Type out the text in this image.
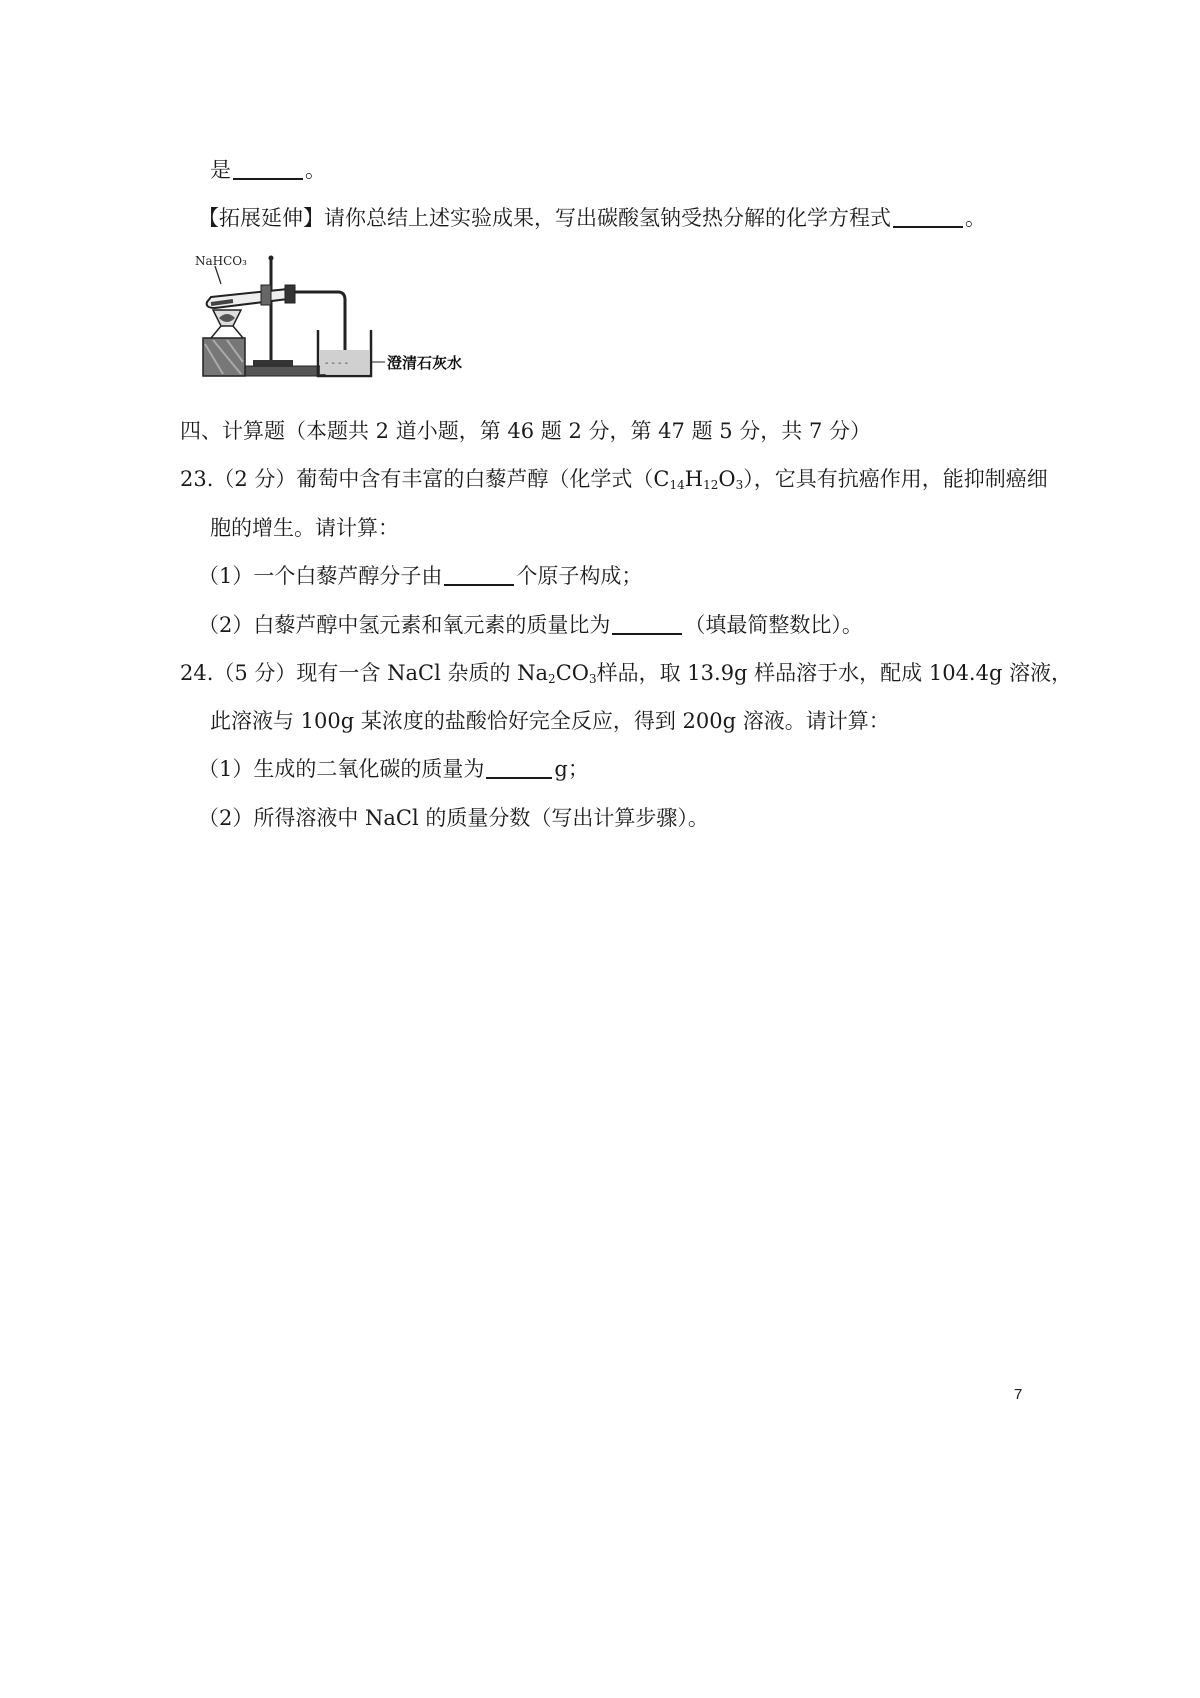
是	。
【拓展延伸】请你总结上述实验成果，写出碳酸氢钠受热分解的化学方程式	。
NaHCO₃
- - - -	澄清石灰水
四、计算题（本题共 2 道小题，第 46 题 2 分，第 47 题 5 分，共 7 分）
23.（2 分）葡萄中含有丰富的白藜芦醇（化学式$(C_{14}H_{12}O_3)$，它具有抗癌作用，能抑制癌细
胞的增生。请计算：
（1）一个白藜芦醇分子由	个原子构成；
（2）白藜芦醇中氢元素和氧元素的质量比为	（填最简整数比）。
24.（5 分）现有一含 NaCl 杂质的 $Na_2CO_3$样品，取 13.9g 样品溶于水，配成 104.4g 溶液，
此溶液与 100g 某浓度的盐酸恰好完全反应，得到 200g 溶液。请计算：
（1）生成的二氧化碳的质量为	g；
（2）所得溶液中 NaCl 的质量分数（写出计算步骤）。
7
